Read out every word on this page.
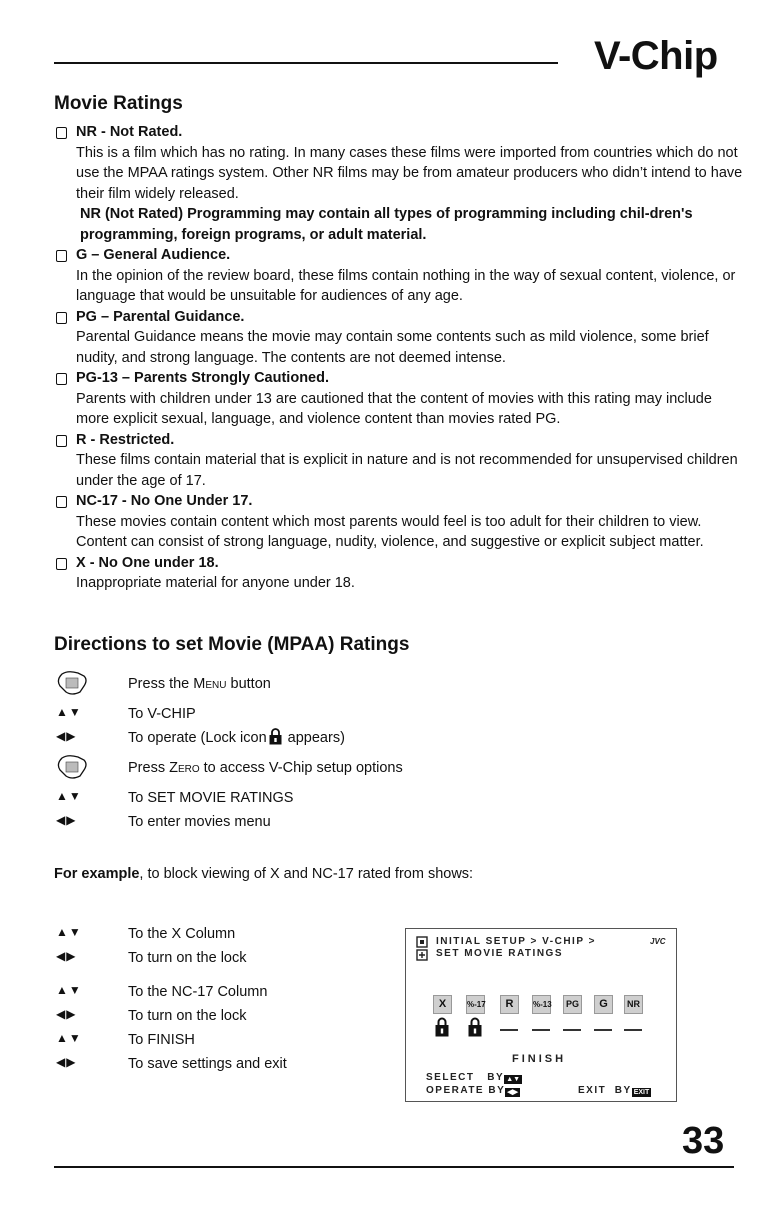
V-Chip
Movie Ratings
NR - Not Rated.
This is a film which has no rating. In many cases these films were imported from countries which do not use the MPAA ratings system. Other NR films may be from amateur producers who didn’t intend to have their film widely released.
NR (Not Rated) Programming may contain all types of programming including chil-dren's programming, foreign programs, or adult material.
G – General Audience.
In the opinion of the review board, these films contain nothing in the way of sexual content, violence, or language that would be unsuitable for audiences of any age.
PG – Parental Guidance.
Parental Guidance means the movie may contain some contents such as mild violence, some brief nudity, and strong language. The contents are not deemed intense.
PG-13 – Parents Strongly Cautioned.
Parents with children under 13 are cautioned that the content of movies with this rating may include more explicit sexual, language, and violence content than movies rated PG.
R - Restricted.
These films contain material that is explicit in nature and is not recommended for unsupervised children under the age of 17.
NC-17 - No One Under 17.
These movies contain content which most parents would feel is too adult for their children to view. Content can consist of strong language, nudity, violence, and suggestive or explicit subject matter.
X - No One under 18.
Inappropriate material for anyone under 18.
Directions to set Movie (MPAA) Ratings
Press the Menu button
▲▼	To V-CHIP
◀▶	To operate (Lock icon appears)
Press Zero to access V-Chip setup options
▲▼	To SET MOVIE RATINGS
◀▶	To enter movies menu
For example, to block viewing of X and NC-17 rated from shows:
▲▼	To the X Column
◀▶	To turn on the lock
▲▼	To the NC-17 Column
◀▶	To turn on the lock
▲▼	To FINISH
◀▶	To save settings and exit
INITIAL SETUP > V-CHIP >	JVC
SET MOVIE RATINGS
X	%-17	R	%-13	PG	G	NR
FINISH
SELECT BY ▲▼
OPERATE BY ◀▶	EXIT BY EXIT
33
